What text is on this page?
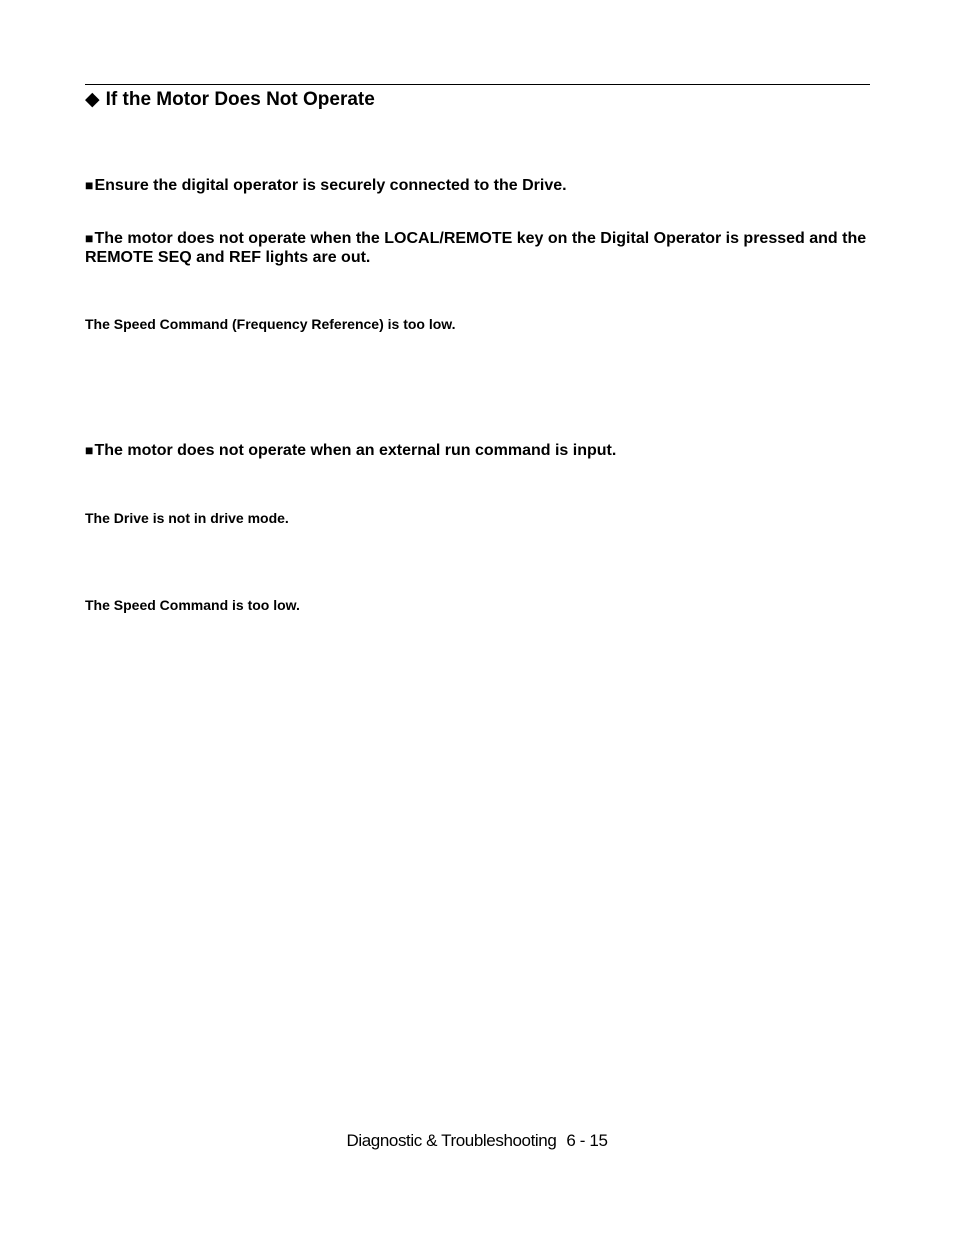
◆ If the Motor Does Not Operate
■Ensure the digital operator is securely connected to the Drive.
■The motor does not operate when the LOCAL/REMOTE key on the Digital Operator is pressed and the REMOTE SEQ and REF lights are out.
The Speed Command (Frequency Reference) is too low.
■The motor does not operate when an external run command is input.
The Drive is not in drive mode.
The Speed Command is too low.
Diagnostic & Troubleshooting 6 - 15
